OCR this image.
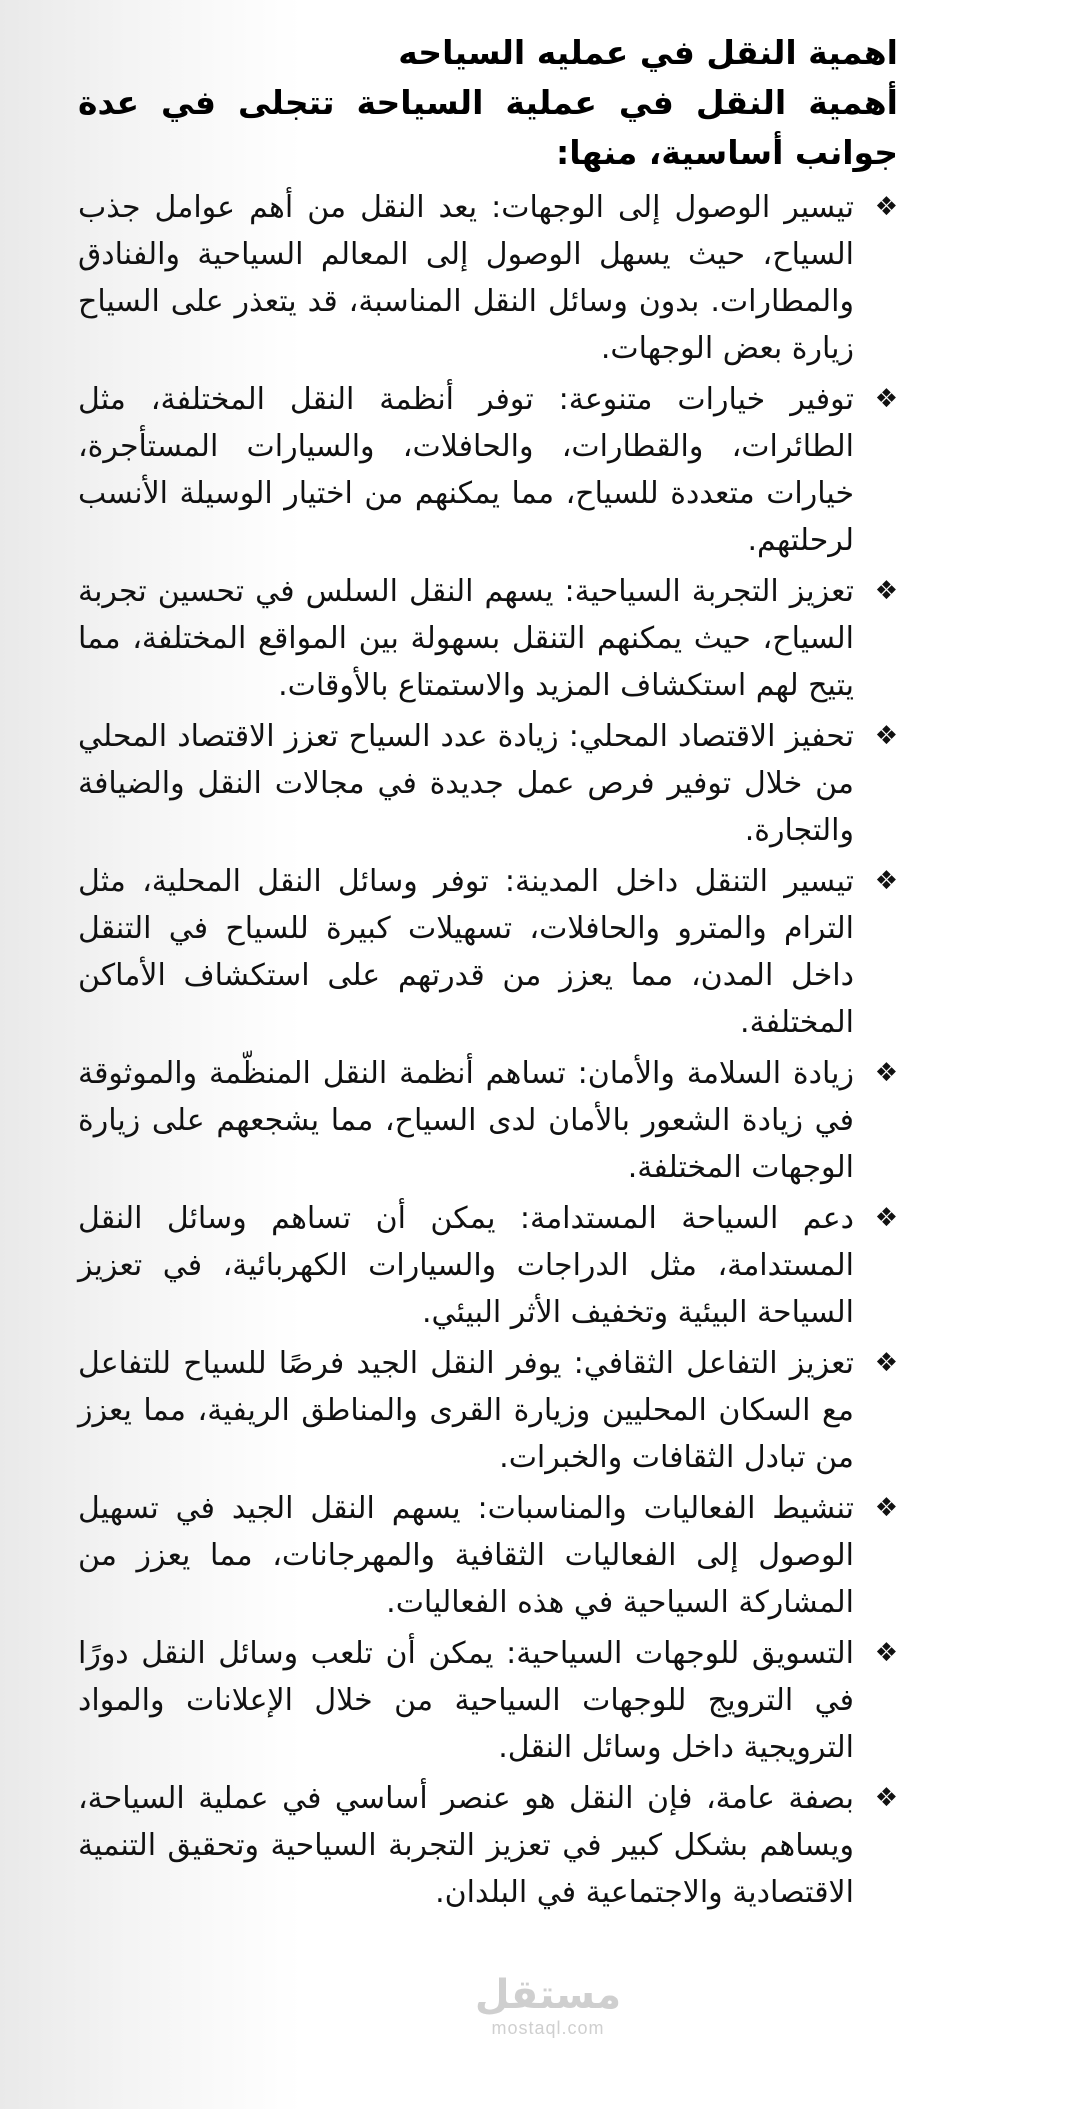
اهمية النقل في عمليه السياحه

أهمية النقل في عملية السياحة تتجلى في عدة جوانب أساسية، منها:

❖
تيسير الوصول إلى الوجهات: يعد النقل من أهم عوامل جذب السياح، حيث يسهل الوصول إلى المعالم السياحية والفنادق والمطارات. بدون وسائل النقل المناسبة، قد يتعذر على السياح زيارة بعض الوجهات.
❖
توفير خيارات متنوعة: توفر أنظمة النقل المختلفة، مثل الطائرات، والقطارات، والحافلات، والسيارات المستأجرة، خيارات متعددة للسياح، مما يمكنهم من اختيار الوسيلة الأنسب لرحلتهم.
❖
تعزيز التجربة السياحية: يسهم النقل السلس في تحسين تجربة السياح، حيث يمكنهم التنقل بسهولة بين المواقع المختلفة، مما يتيح لهم استكشاف المزيد والاستمتاع بالأوقات.
❖
تحفيز الاقتصاد المحلي: زيادة عدد السياح تعزز الاقتصاد المحلي من خلال توفير فرص عمل جديدة في مجالات النقل والضيافة والتجارة.
❖
تيسير التنقل داخل المدينة: توفر وسائل النقل المحلية، مثل الترام والمترو والحافلات، تسهيلات كبيرة للسياح في التنقل داخل المدن، مما يعزز من قدرتهم على استكشاف الأماكن المختلفة.
❖
زيادة السلامة والأمان: تساهم أنظمة النقل المنظّمة والموثوقة في زيادة الشعور بالأمان لدى السياح، مما يشجعهم على زيارة الوجهات المختلفة.
❖
دعم السياحة المستدامة: يمكن أن تساهم وسائل النقل المستدامة، مثل الدراجات والسيارات الكهربائية، في تعزيز السياحة البيئية وتخفيف الأثر البيئي.
❖
تعزيز التفاعل الثقافي: يوفر النقل الجيد فرصًا للسياح للتفاعل مع السكان المحليين وزيارة القرى والمناطق الريفية، مما يعزز من تبادل الثقافات والخبرات.
❖
تنشيط الفعاليات والمناسبات: يسهم النقل الجيد في تسهيل الوصول إلى الفعاليات الثقافية والمهرجانات، مما يعزز من المشاركة السياحية في هذه الفعاليات.
❖
التسويق للوجهات السياحية: يمكن أن تلعب وسائل النقل دورًا في الترويج للوجهات السياحية من خلال الإعلانات والمواد الترويجية داخل وسائل النقل.
❖
بصفة عامة، فإن النقل هو عنصر أساسي في عملية السياحة، ويساهم بشكل كبير في تعزيز التجربة السياحية وتحقيق التنمية الاقتصادية والاجتماعية في البلدان.
مستقل
mostaql.com
